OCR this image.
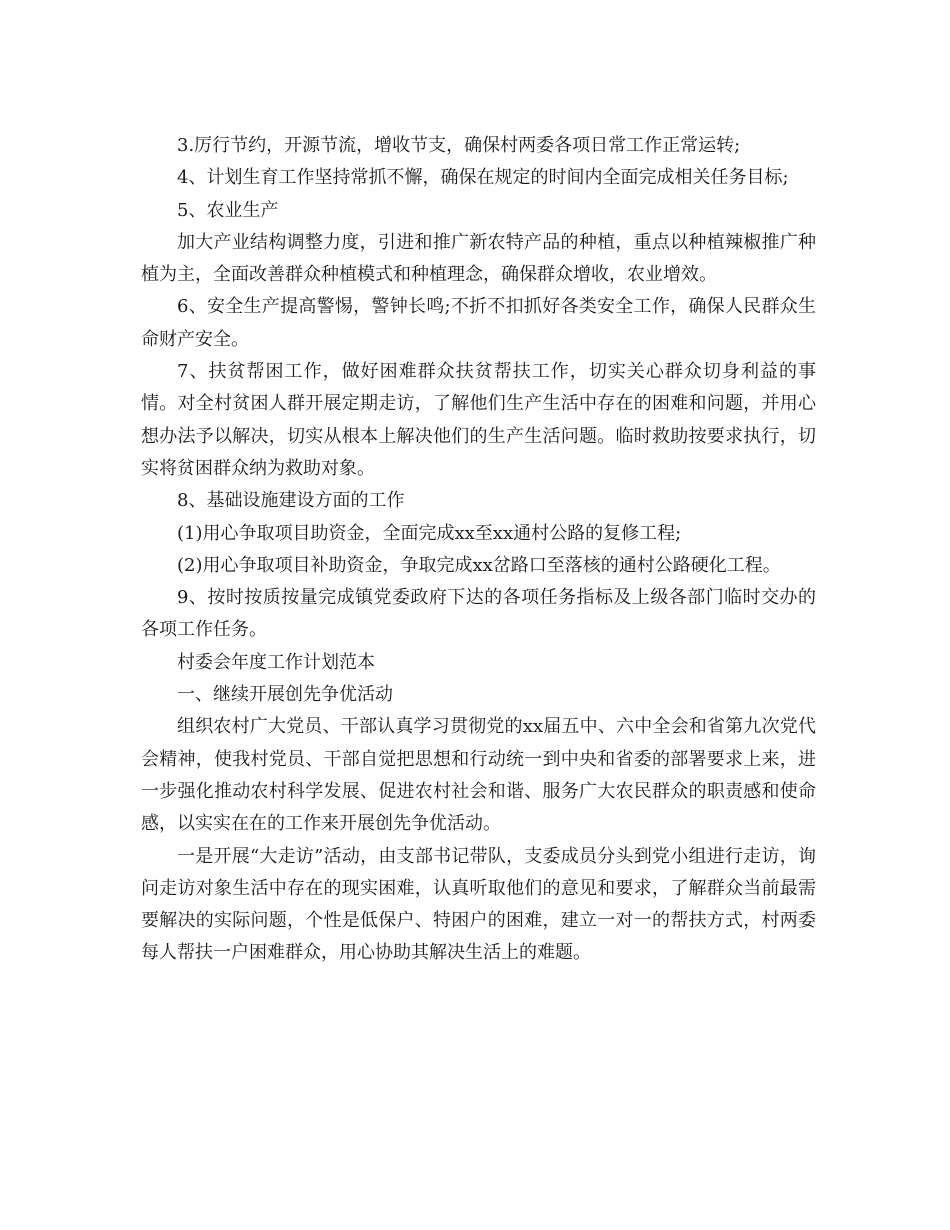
3.厉行节约，开源节流，增收节支，确保村两委各项日常工作正常运转;

4、计划生育工作坚持常抓不懈，确保在规定的时间内全面完成相关任务目标;

5、农业生产

加大产业结构调整力度，引进和推广新农特产品的种植，重点以种植辣椒推广种植为主，全面改善群众种植模式和种植理念，确保群众增收，农业增效。

6、安全生产提高警惕，警钟长鸣;不折不扣抓好各类安全工作，确保人民群众生命财产安全。

7、扶贫帮困工作，做好困难群众扶贫帮扶工作，切实关心群众切身利益的事情。对全村贫困人群开展定期走访，了解他们生产生活中存在的困难和问题，并用心想办法予以解决，切实从根本上解决他们的生产生活问题。临时救助按要求执行，切实将贫困群众纳为救助对象。

8、基础设施建设方面的工作

(1)用心争取项目助资金，全面完成xx至xx通村公路的复修工程;

(2)用心争取项目补助资金，争取完成xx岔路口至落核的通村公路硬化工程。

9、按时按质按量完成镇党委政府下达的各项任务指标及上级各部门临时交办的各项工作任务。

村委会年度工作计划范本

一、继续开展创先争优活动

组织农村广大党员、干部认真学习贯彻党的xx届五中、六中全会和省第九次党代会精神，使我村党员、干部自觉把思想和行动统一到中央和省委的部署要求上来，进一步强化推动农村科学发展、促进农村社会和谐、服务广大农民群众的职责感和使命感，以实实在在的工作来开展创先争优活动。

一是开展“大走访”活动，由支部书记带队，支委成员分头到党小组进行走访，询问走访对象生活中存在的现实困难，认真听取他们的意见和要求，了解群众当前最需要解决的实际问题，个性是低保户、特困户的困难，建立一对一的帮扶方式，村两委每人帮扶一户困难群众，用心协助其解决生活上的难题。
